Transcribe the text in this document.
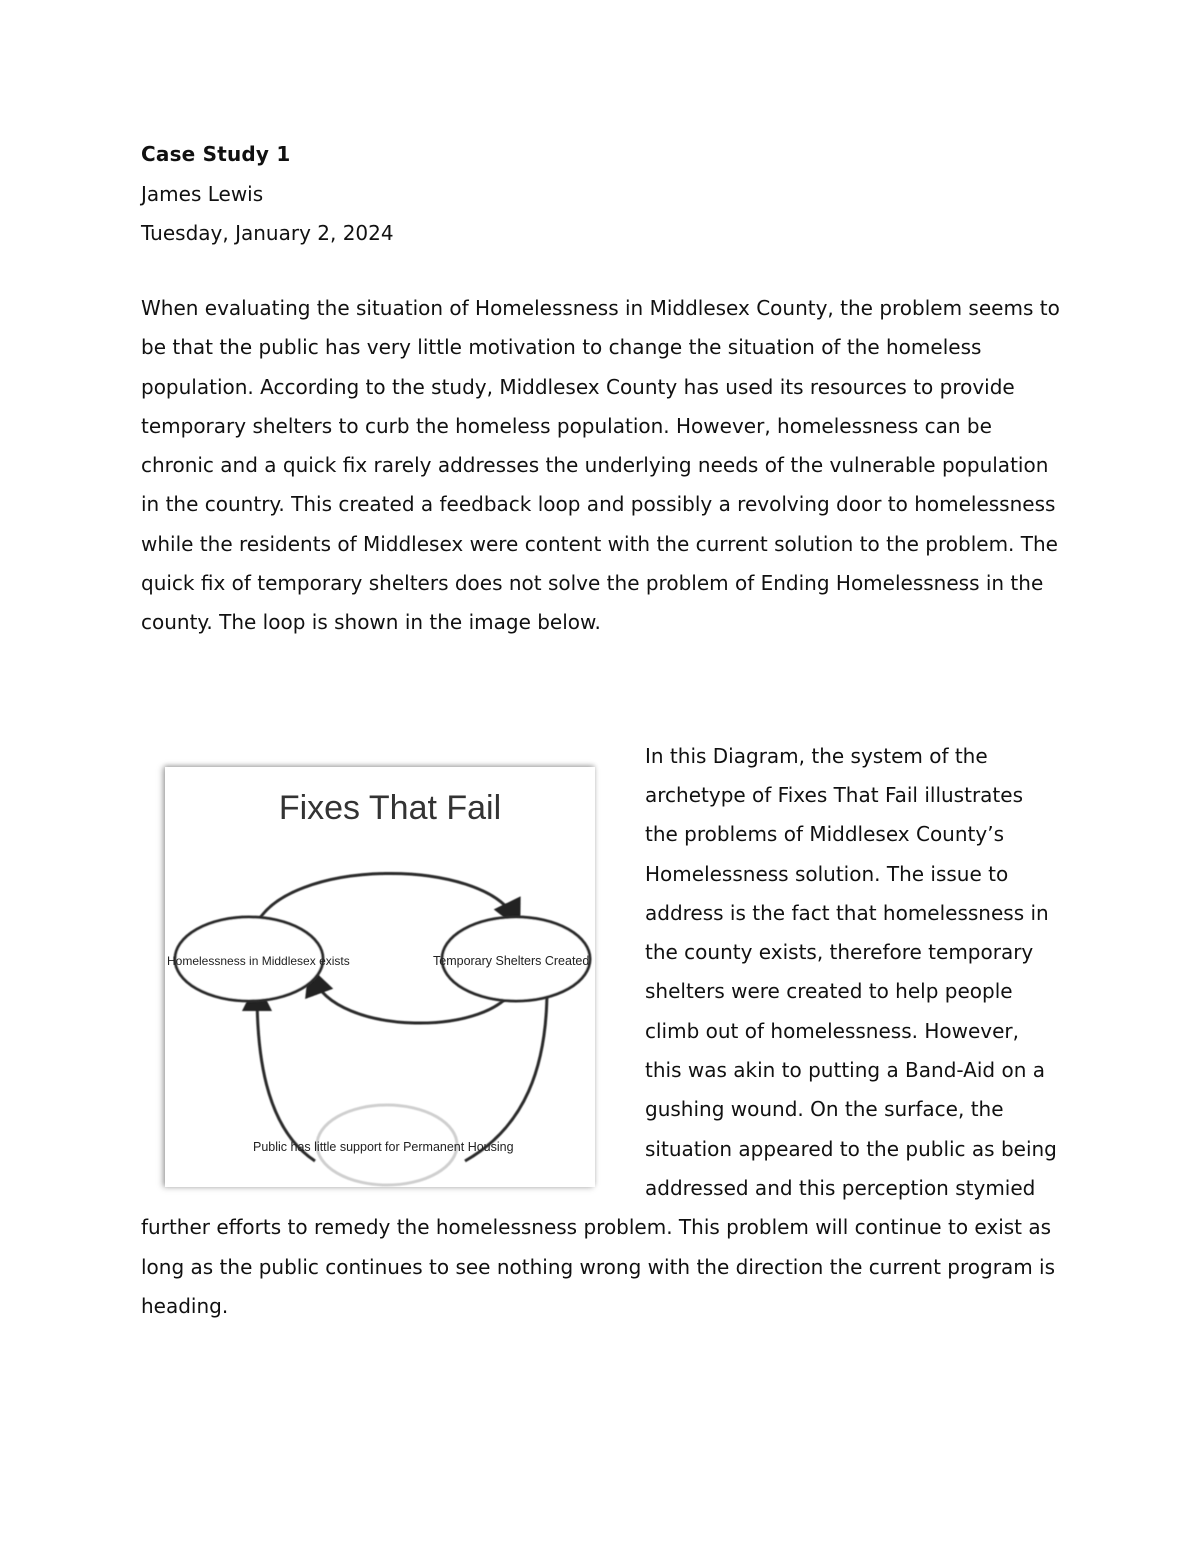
Case Study 1
James Lewis
Tuesday, January 2, 2024

When evaluating the situation of Homelessness in Middlesex County, the problem seems to be that the public has very little motivation to change the situation of the homeless population. According to the study, Middlesex County has used its resources to provide temporary shelters to curb the homeless population. However, homelessness can be chronic and a quick fix rarely addresses the underlying needs of the vulnerable population in the country. This created a feedback loop and possibly a revolving door to homelessness while the residents of Middlesex were content with the current solution to the problem. The quick fix of temporary shelters does not solve the problem of Ending Homelessness in the county. The loop is shown in the image below.

Fixes That Fail
Homelessness in Middlesex exists	Temporary Shelters Created
Public has little support for Permanent Housing

In this Diagram, the system of the archetype of Fixes That Fail illustrates the problems of Middlesex County’s Homelessness solution. The issue to address is the fact that homelessness in the county exists, therefore temporary shelters were created to help people climb out of homelessness. However, this was akin to putting a Band-Aid on a gushing wound. On the surface, the situation appeared to the public as being addressed and this perception stymied further efforts to remedy the homelessness problem. This problem will continue to exist as long as the public continues to see nothing wrong with the direction the current program is heading.
